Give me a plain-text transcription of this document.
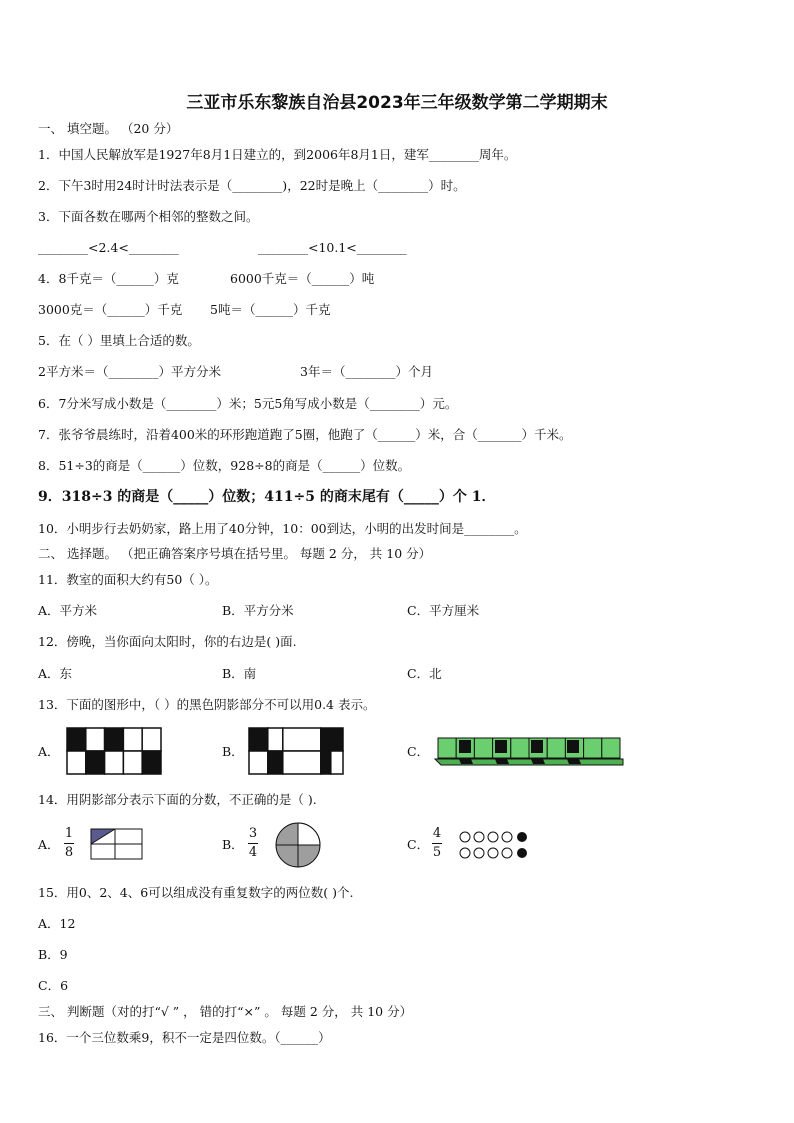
三亚市乐东黎族自治县2023年三年级数学第二学期期末
一、 填空题。 （20 分）
1．中国人民解放军是1927年8月1日建立的，到2006年8月1日，建军________周年。
2．下午3时用24时计时法表示是（________)，22时是晚上（________）时。
3．下面各数在哪两个相邻的整数之间。
________<2.4<________	________<10.1<________
4．8千克＝（______）克	6000千克＝（______）吨
3000克＝（______）千克 5吨＝（______）千克
5．在（ ）里填上合适的数。
2平方米＝（________）平方分米	3年＝（________）个月
6．7分米写成小数是（________）米；5元5角写成小数是（________）元。
7．张爷爷晨练时，沿着400米的环形跑道跑了5圈，他跑了（______）米，合（_______）千米。
8．51÷3的商是（______）位数，928÷8的商是（______）位数。
9．318÷3 的商是（_____）位数；411÷5 的商末尾有（_____）个 1．
10．小明步行去奶奶家，路上用了40分钟，10：00到达，小明的出发时间是________。
二、 选择题。 （把正确答案序号填在括号里。 每题 2 分， 共 10 分）
11．教室的面积大约有50（ ）。
A．平方米	B．平方分米	C．平方厘米
12．傍晚，当你面向太阳时，你的右边是( )面.
A．东	B．南	C．北
13．下面的图形中，（ ）的黑色阴影部分不可以用0.4 表示。
A．	B．	C．
14．用阴影部分表示下面的分数，不正确的是（ ).
A．
1
8
B．
3
4
C．
4
5
15．用0、2、4、6可以组成没有重复数字的两位数( )个.
A．12
B．9
C．6
三、 判断题（对的打“√ ” ， 错的打“×” 。 每题 2 分， 共 10 分）
16．一个三位数乘9，积不一定是四位数。（______）
